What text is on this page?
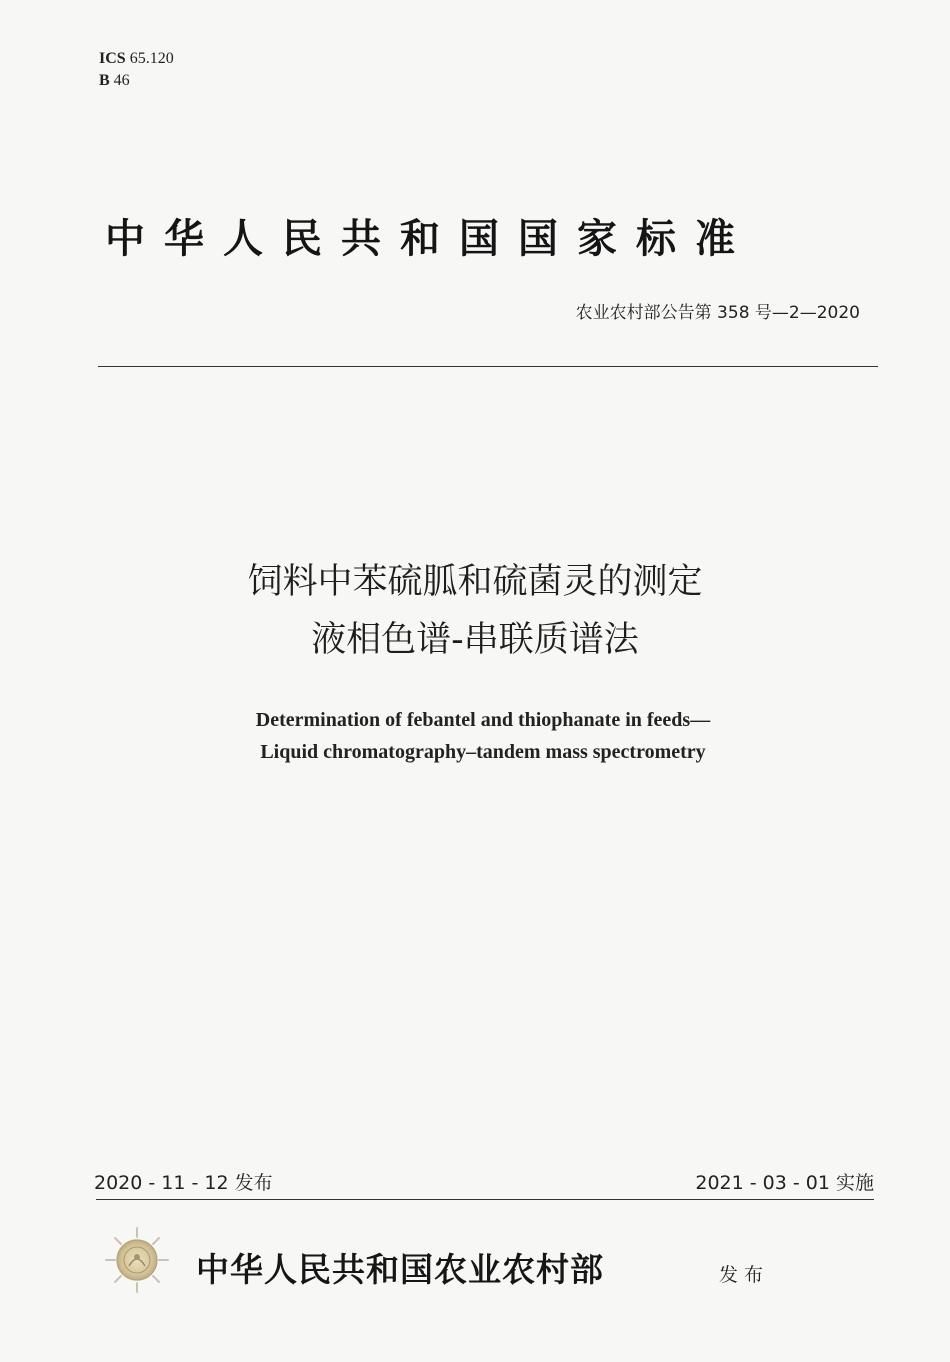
ICS 65.120
B 46
中华人民共和国国家标准
农业农村部公告第 358 号—2—2020
饲料中苯硫胍和硫菌灵的测定
液相色谱-串联质谱法
Determination of febantel and thiophanate in feeds—
Liquid chromatography–tandem mass spectrometry
2020 - 11 - 12 发布	2021 - 03 - 01 实施
中华人民共和国农业农村部	发布
